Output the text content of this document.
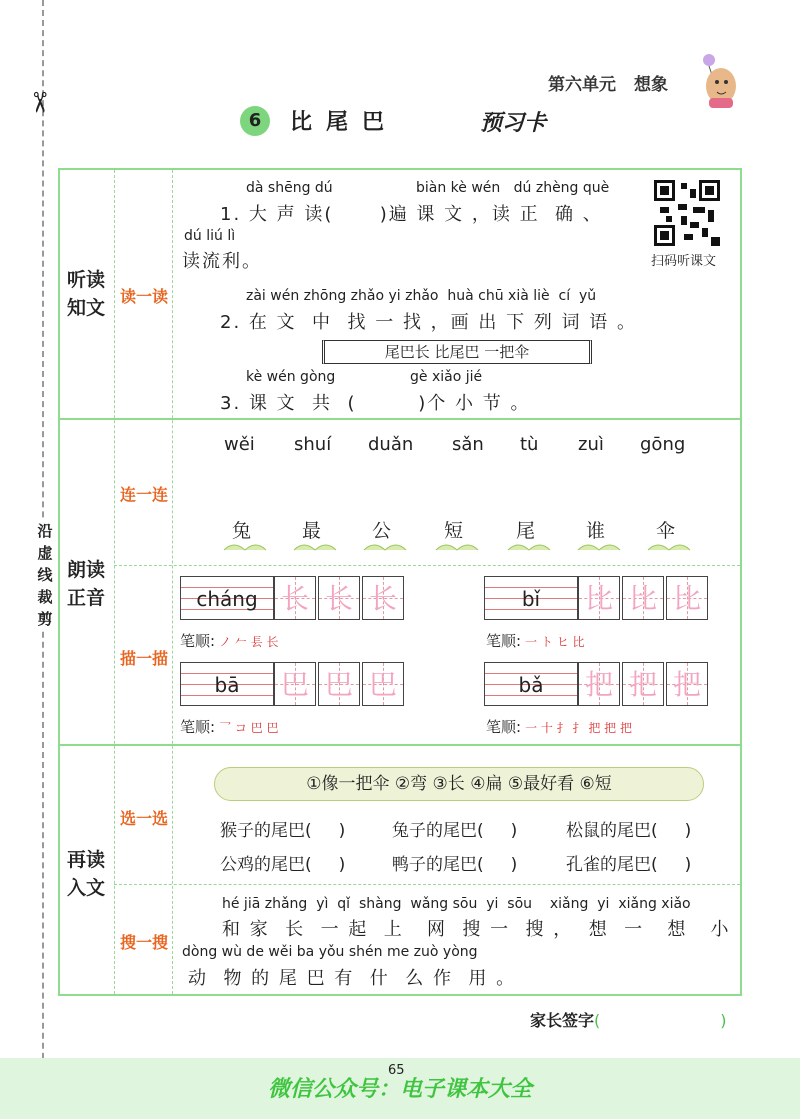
✂
沿虚线裁剪
第六单元 想象
6	比尾巴	预习卡
听读
知文
读一读
朗读
正音
连一连
描一描
再读
入文
选一选
搜一搜
dà shēng dú	biàn kè wén   dú zhèng què
1. 大 声 读(      )遍 课 文 ，读 正  确 、
dú liú lì
读流利。	扫码听课文
zài wén zhōng zhǎo yi zhǎo  huà chū xià liè  cí  yǔ
2. 在 文  中  找 一 找 ，画 出 下 列 词 语 。
尾巴长 比尾巴 一把伞
kè wén gòng	gè xiǎo jié
3. 课 文  共  (        )个 小 节 。
wěi shuí duǎn sǎn tù zuì gōng
兔	最	公	短	尾	谁	伞
cháng 长 长 长
笔顺: ノ 𠂉 ⻒ 长
bǐ	比 比 比
笔顺: 一 ト ヒ 比
bā	巴 巴 巴
笔顺: 乛 コ 巴 巴
bǎ	把 把 把
笔顺: 一 十 扌 扌 把 把 把
①像一把伞 ②弯 ③长 ④扁 ⑤最好看 ⑥短
猴子的尾巴(     )	兔子的尾巴(     )	松鼠的尾巴(     )
公鸡的尾巴(     )	鸭子的尾巴(     )	孔雀的尾巴(     )
hé jiā zhǎng  yì  qǐ  shàng  wǎng sōu  yi  sōu    xiǎng  yi  xiǎng xiǎo
和 家  长  一 起  上   网  搜 一  搜 ，  想  一   想   小
dòng wù de wěi ba yǒu shén me zuò yòng
动  物 的 尾 巴 有  什  么 作  用 。
家长签字(	)
65
微信公众号：电子课本大全
